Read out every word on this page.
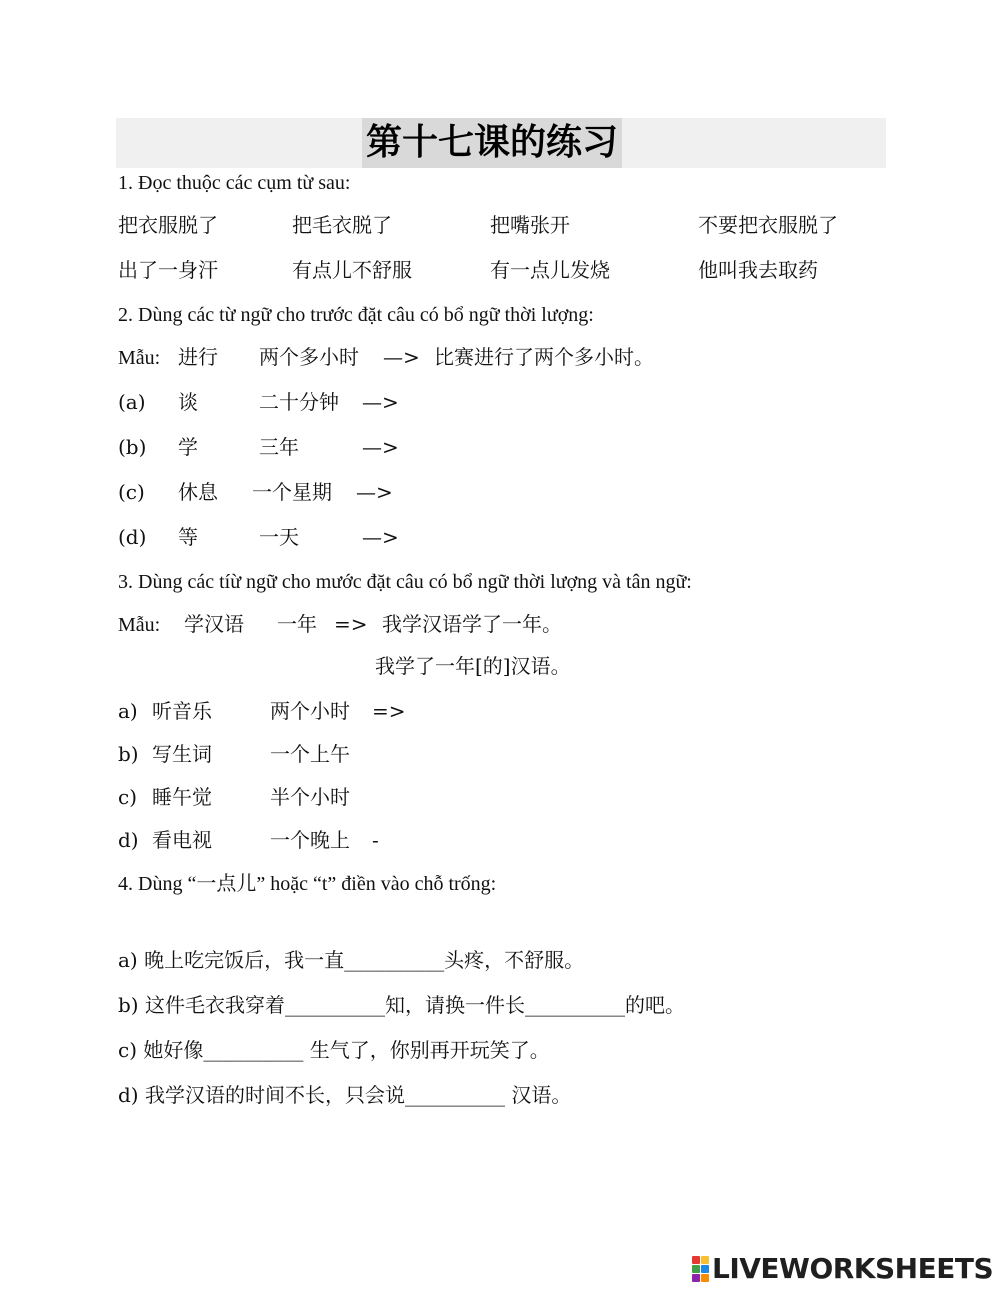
第十七课的练习
1. Đọc thuộc các cụm từ sau:
把衣服脱了	把毛衣脱了	把嘴张开	不要把衣服脱了
出了一身汗	有点儿不舒服	有一点儿发烧	他叫我去取药
2. Dùng các từ ngữ cho trước đặt câu có bổ ngữ thời lượng:
Mẫu: 进行 两个多小时 —> 比赛进行了两个多小时。
(a) 谈	二十分钟 —>
(b) 学	三年	—>
(c) 休息 一个星期 —>
(d) 等	一天	—>
3. Dùng các tíừ ngữ cho mước đặt câu có bổ ngữ thời lượng và tân ngữ:
Mẫu: 学汉语 一年 => 我学汉语学了一年。
我学了一年[的]汉语。
a) 听音乐	两个小时 =>
b) 写生词	一个上午
c) 睡午觉	半个小时
d) 看电视	一个晚上 -
4. Dùng “一点儿” hoặc “t” điền vào chỗ trống:
a) 晚上吃完饭后，我一直__________头疼，不舒服。
b) 这件毛衣我穿着__________知，请换一件长__________的吧。
c) 她好像__________ 生气了，你别再开玩笑了。
d) 我学汉语的时间不长，只会说__________ 汉语。
LIVEWORKSHEETS
